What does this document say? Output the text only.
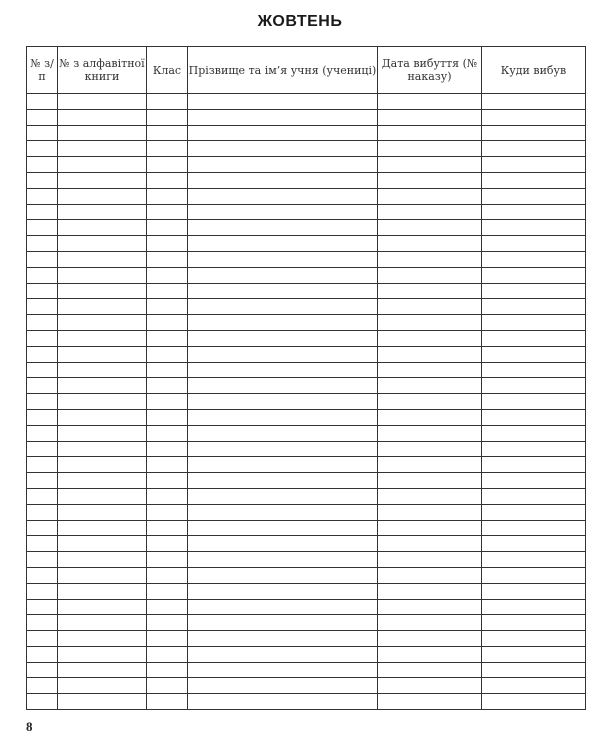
ЖОВТЕНЬ
№ з/п	№ з алфавітної книги	Клас	Прізвище та ім’я учня (учениці)	Дата вибуття (№ наказу)	Куди вибув

8
